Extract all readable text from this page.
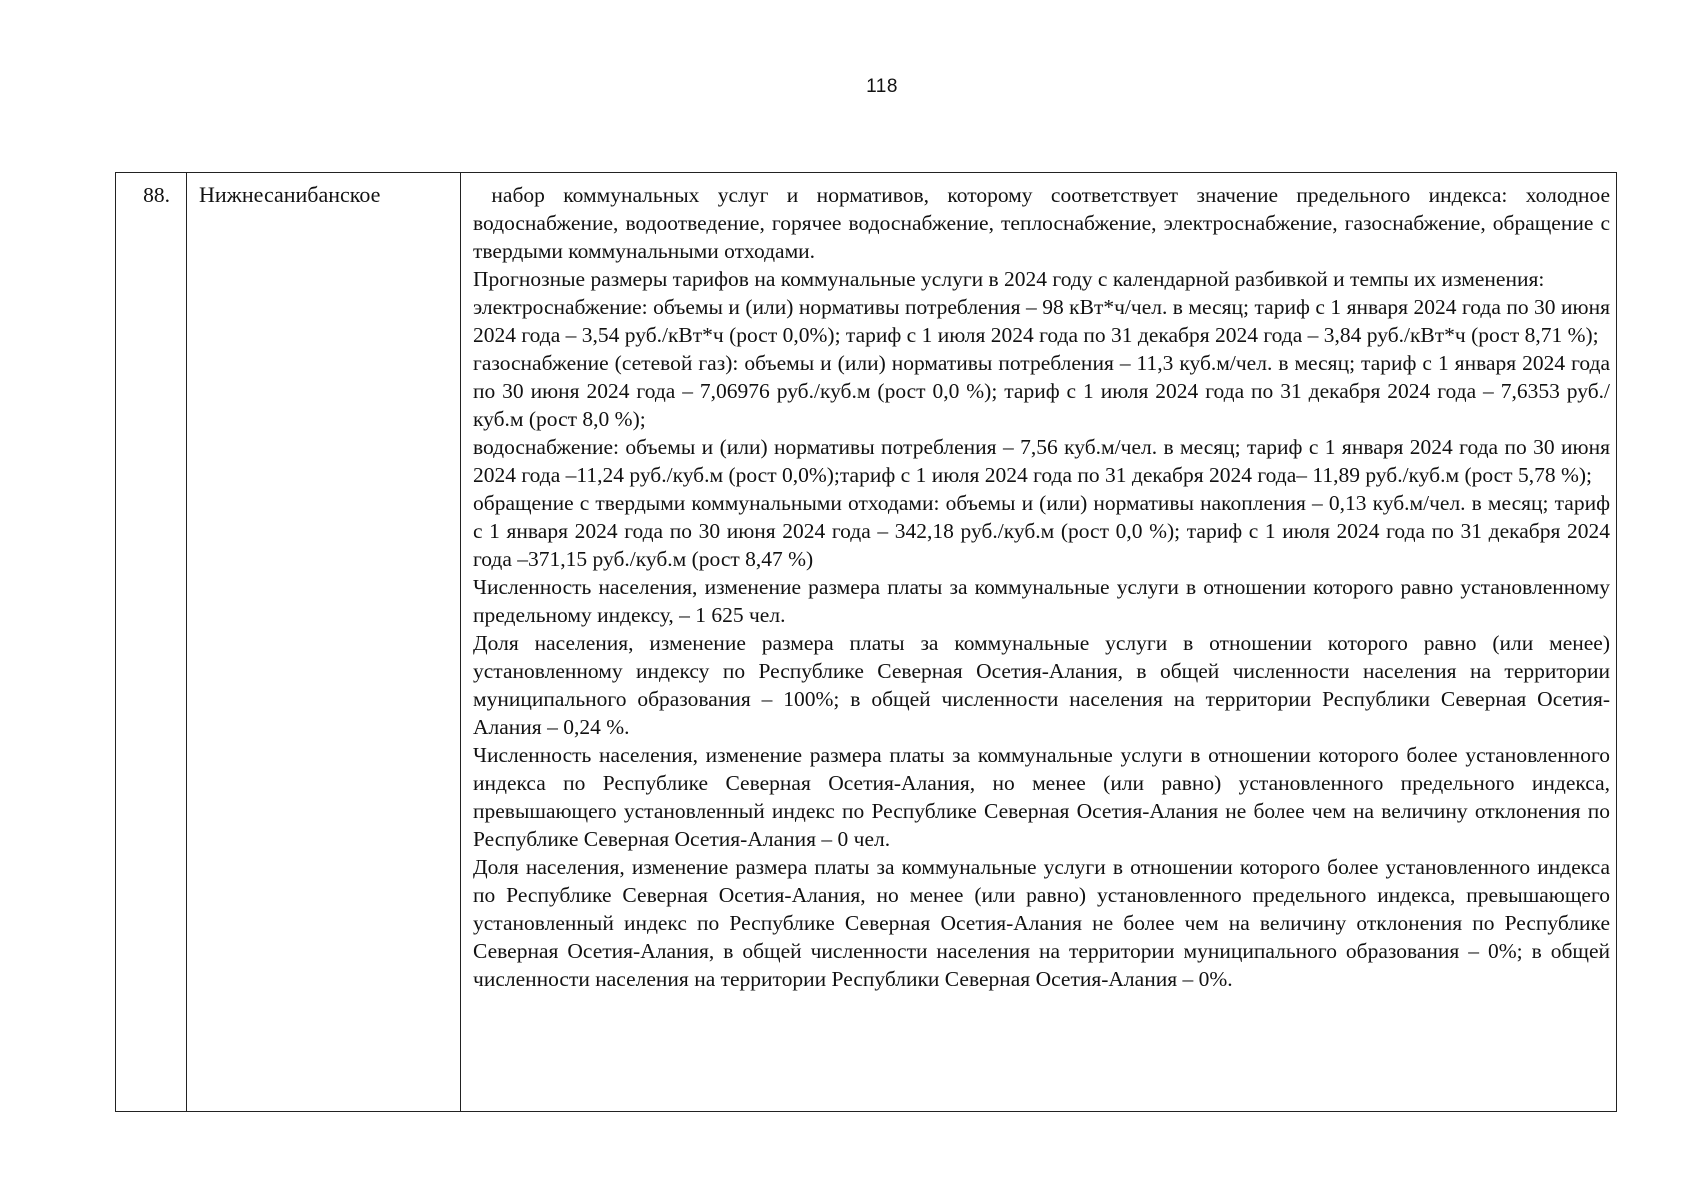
118
88.	Нижнесанибанское	набор коммунальных услуг и нормативов, которому соответствует значение предельного индекса: холодное водоснабжение, водоотведение, горячее водоснабжение, теплоснабжение, электроснабжение, газоснабжение, обращение с твердыми коммунальными отходами.

Прогнозные размеры тарифов на коммунальные услуги в 2024 году с календарной разбивкой и темпы их изменения:

электроснабжение: объемы и (или) нормативы потребления – 98 кВт*ч/чел. в месяц; тариф с 1 января 2024 года по 30 июня 2024 года – 3,54 руб./кВт*ч (рост 0,0%); тариф с 1 июля 2024 года по 31 декабря 2024 года – 3,84 руб./кВт*ч (рост 8,71 %);

газоснабжение (сетевой газ): объемы и (или) нормативы потребления – 11,3 куб.м/чел. в месяц; тариф с 1 января 2024 года по 30 июня 2024 года – 7,06976 руб./куб.м (рост 0,0 %); тариф с 1 июля 2024 года по 31 декабря 2024 года – 7,6353 руб./куб.м (рост 8,0 %);

водоснабжение: объемы и (или) нормативы потребления – 7,56 куб.м/чел. в месяц; тариф с 1 января 2024 года по 30 июня 2024 года –11,24 руб./куб.м (рост 0,0%);тариф с 1 июля 2024 года по 31 декабря 2024 года– 11,89 руб./куб.м (рост 5,78 %);

обращение с твердыми коммунальными отходами: объемы и (или) нормативы накопления – 0,13 куб.м/чел. в месяц; тариф с 1 января 2024 года по 30 июня 2024 года – 342,18 руб./куб.м (рост 0,0 %); тариф с 1 июля 2024 года по 31 декабря 2024 года –371,15 руб./куб.м (рост 8,47 %)

Численность населения, изменение размера платы за коммунальные услуги в отношении которого равно установленному предельному индексу, – 1 625 чел.

Доля населения, изменение размера платы за коммунальные услуги в отношении которого равно (или менее) установленному индексу по Республике Северная Осетия-Алания, в общей численности населения на территории муниципального образования – 100%; в общей численности населения на территории Республики Северная Осетия-Алания – 0,24 %.

Численность населения, изменение размера платы за коммунальные услуги в отношении которого более установленного индекса по Республике Северная Осетия-Алания, но менее (или равно) установленного предельного индекса, превышающего установленный индекс по Республике Северная Осетия-Алания не более чем на величину отклонения по Республике Северная Осетия-Алания – 0 чел.

Доля населения, изменение размера платы за коммунальные услуги в отношении которого более установленного индекса по Республике Северная Осетия-Алания, но менее (или равно) установленного предельного индекса, превышающего установленный индекс по Республике Северная Осетия-Алания не более чем на величину отклонения по Республике Северная Осетия-Алания, в общей численности населения на территории муниципального образования – 0%; в общей численности населения на территории Республики Северная Осетия-Алания – 0%.
